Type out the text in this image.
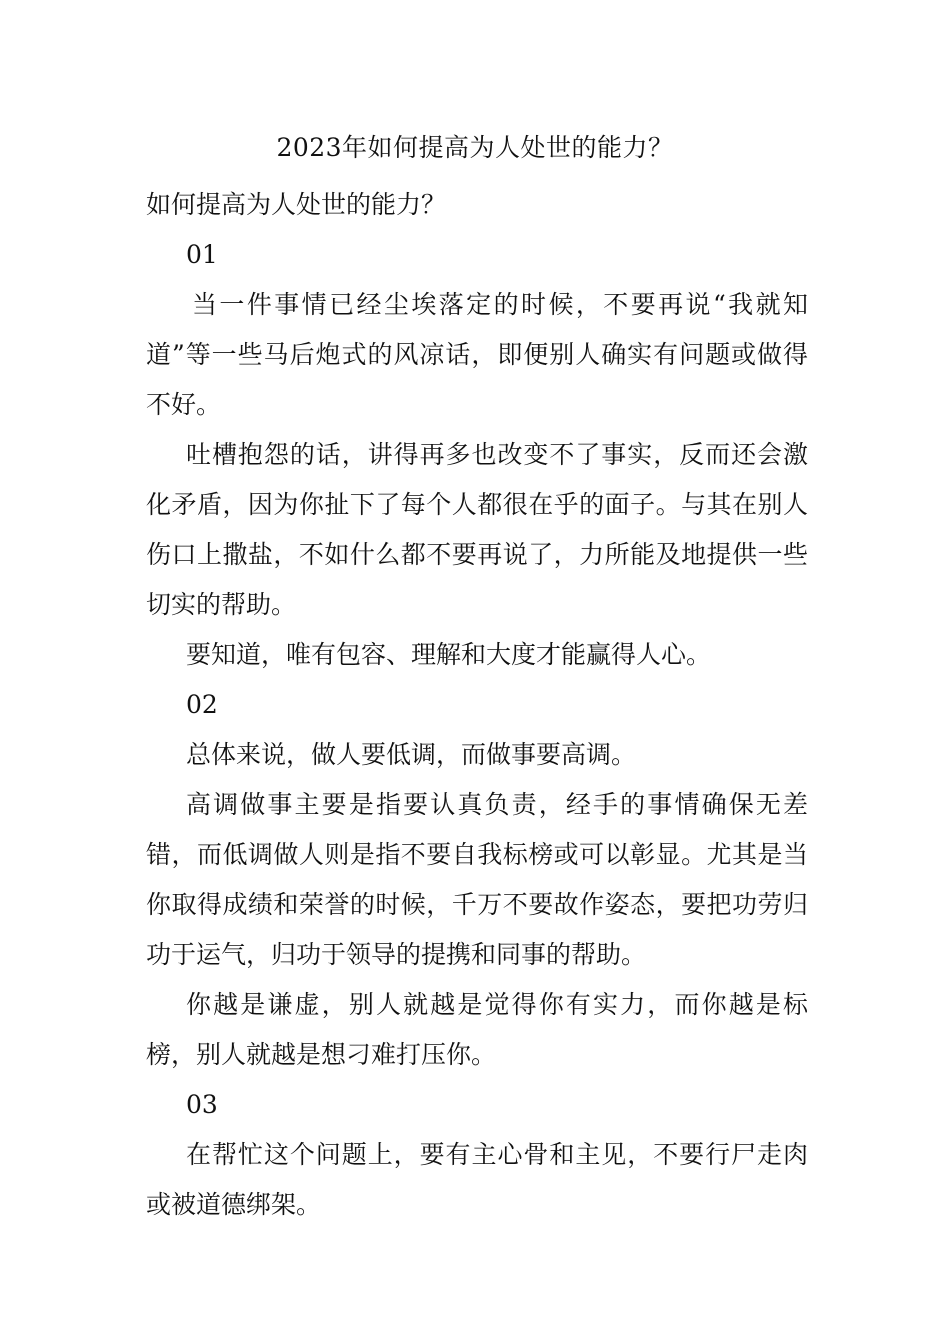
2023年如何提高为人处世的能力？

如何提高为人处世的能力？

01

当一件事情已经尘埃落定的时候，不要再说“我就知道”等一些马后炮式的风凉话，即便别人确实有问题或做得不好。

吐槽抱怨的话，讲得再多也改变不了事实，反而还会激化矛盾，因为你扯下了每个人都很在乎的面子。与其在别人伤口上撒盐，不如什么都不要再说了，力所能及地提供一些切实的帮助。

要知道，唯有包容、理解和大度才能赢得人心。

02

总体来说，做人要低调，而做事要高调。

高调做事主要是指要认真负责，经手的事情确保无差错，而低调做人则是指不要自我标榜或可以彰显。尤其是当你取得成绩和荣誉的时候，千万不要故作姿态，要把功劳归功于运气，归功于领导的提携和同事的帮助。

你越是谦虚，别人就越是觉得你有实力，而你越是标榜，别人就越是想刁难打压你。

03

在帮忙这个问题上，要有主心骨和主见，不要行尸走肉或被道德绑架。
